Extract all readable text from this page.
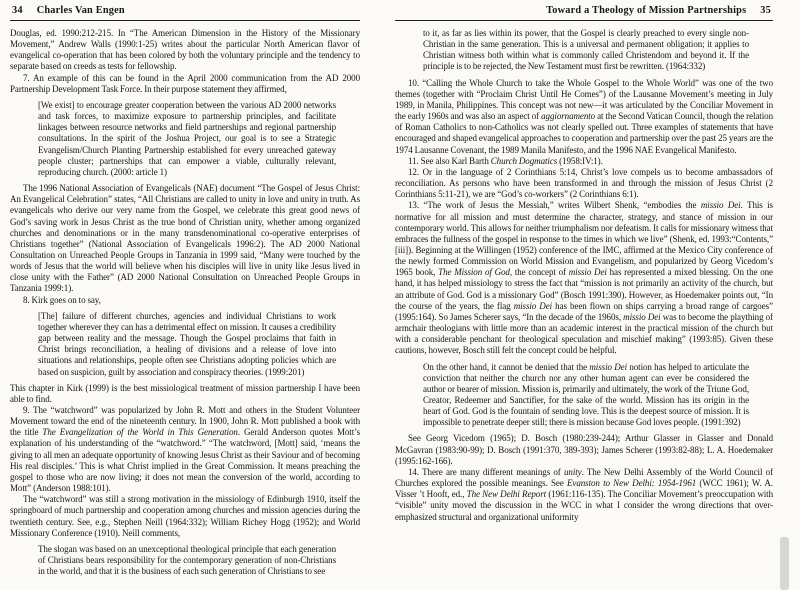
34 Charles Van Engen

Douglas, ed. 1990:212-215. In “The American Dimension in the History of the Missionary Movement,” Andrew Walls (1990:1-25) writes about the particular North American flavor of evangelical co-operation that has been colored by both the voluntary principle and the tendency to separate based on creeds as tests for fellowship.

7. An example of this can be found in the April 2000 communication from the AD 2000 Partnership Development Task Force. In their purpose statement they affirmed,

[We exist] to encourage greater cooperation between the various AD 2000 networks and task forces, to maximize exposure to partnership principles, and facilitate linkages between resource networks and field partnerships and regional partnership consultations. In the spirit of the Joshua Project, our goal is to see a Strategic Evangelism/Church Planting Partnership established for every unreached gateway people cluster; partnerships that can empower a viable, culturally relevant, reproducing church. (2000: article 1)

The 1996 National Association of Evangelicals (NAE) document “The Gospel of Jesus Christ: An Evangelical Celebration” states, “All Christians are called to unity in love and unity in truth. As evangelicals who derive our very name from the Gospel, we celebrate this great good news of God’s saving work in Jesus Christ as the true bond of Christian unity, whether among organized churches and denominations or in the many transdenominational co-operative enterprises of Christians together” (National Association of Evangelicals 1996:2). The AD 2000 National Consultation on Unreached People Groups in Tanzania in 1999 said, “Many were touched by the words of Jesus that the world will believe when his disciples will live in unity like Jesus lived in close unity with the Father” (AD 2000 National Consultation on Unreached People Groups in Tanzania 1999:1).

8. Kirk goes on to say,

[The] failure of different churches, agencies and individual Christians to work together wherever they can has a detrimental effect on mission. It causes a credibility gap between reality and the message. Though the Gospel proclaims that faith in Christ brings reconciliation, a healing of divisions and a release of love into situations and relationships, people often see Christians adopting policies which are based on suspicion, guilt by association and conspiracy theories. (1999:201)

This chapter in Kirk (1999) is the best missiological treatment of mission partnership I have been able to find.

9. The “watchword” was popularized by John R. Mott and others in the Student Volunteer Movement toward the end of the nineteenth century. In 1900, John R. Mott published a book with the title The Evangelization of the World in This Generation. Gerald Anderson quotes Mott’s explanation of his understanding of the “watchword.” “The watchword, [Mott] said, ‘means the giving to all men an adequate opportunity of knowing Jesus Christ as their Saviour and of becoming His real disciples.’ This is what Christ implied in the Great Commission. It means preaching the gospel to those who are now living; it does not mean the conversion of the world, according to Mott” (Anderson 1988:101).

The “watchword” was still a strong motivation in the missiology of Edinburgh 1910, itself the springboard of much partnership and cooperation among churches and mission agencies during the twentieth century. See, e.g., Stephen Neill (1964:332); William Richey Hogg (1952); and World Missionary Conference (1910). Neill comments,

The slogan was based on an unexceptional theological principle that each generation of Christians bears responsibility for the contemporary generation of non-Christians in the world, and that it is the business of each such generation of Christians to see

Toward a Theology of Mission Partnerships 35

to it, as far as lies within its power, that the Gospel is clearly preached to every single non-Christian in the same generation. This is a universal and permanent obligation; it applies to Christian witness both within what is commonly called Christendom and beyond it. If the principle is to be rejected, the New Testament must first be rewritten. (1964:332)

10. “Calling the Whole Church to take the Whole Gospel to the Whole World” was one of the two themes (together with “Proclaim Christ Until He Comes”) of the Lausanne Movement’s meeting in July 1989, in Manila, Philippines. This concept was not new—it was articulated by the Conciliar Movement in the early 1960s and was also an aspect of aggiornamento at the Second Vatican Council, though the relation of Roman Catholics to non-Catholics was not clearly spelled out. Three examples of statements that have encouraged and shaped evangelical approaches to cooperation and partnership over the past 25 years are the 1974 Lausanne Covenant, the 1989 Manila Manifesto, and the 1996 NAE Evangelical Manifesto.

11. See also Karl Barth Church Dogmatics (1958:IV:1).

12. Or in the language of 2 Corinthians 5:14, Christ’s love compels us to become ambassadors of reconciliation. As persons who have been transformed in and through the mission of Jesus Christ (2 Corinthians 5:11-21), we are “God’s co-workers” (2 Corinthians 6:1).

13. “The work of Jesus the Messiah,” writes Wilbert Shenk, “embodies the missio Dei. This is normative for all mission and must determine the character, strategy, and stance of mission in our contemporary world. This allows for neither triumphalism nor defeatism. It calls for missionary witness that embraces the fullness of the gospel in response to the times in which we live” (Shenk, ed. 1993:“Contents,” [iii]). Beginning at the Willingen (1952) conference of the IMC, affirmed at the Mexico City conference of the newly formed Commission on World Mission and Evangelism, and popularized by Georg Vicedom’s 1965 book, The Mission of God, the concept of missio Dei has represented a mixed blessing. On the one hand, it has helped missiology to stress the fact that “mission is not primarily an activity of the church, but an attribute of God. God is a missionary God” (Bosch 1991:390). However, as Hoedemaker points out, “In the course of the years, the flag missio Dei has been flown on ships carrying a broad range of cargoes” (1995:164). So James Scherer says, “In the decade of the 1960s, missio Dei was to become the plaything of armchair theologians with little more than an academic interest in the practical mission of the church but with a considerable penchant for theological speculation and mischief making” (1993:85). Given these cautions, however, Bosch still felt the concept could be helpful.

On the other hand, it cannot be denied that the missio Dei notion has helped to articulate the conviction that neither the church nor any other human agent can ever be considered the author or bearer of mission. Mission is, primarily and ultimately, the work of the Triune God, Creator, Redeemer and Sanctifier, for the sake of the world. Mission has its origin in the heart of God. God is the fountain of sending love. This is the deepest source of mission. It is impossible to penetrate deeper still; there is mission because God loves people. (1991:392)

See Georg Vicedom (1965); D. Bosch (1980:239-244); Arthur Glasser in Glasser and Donald McGavran (1983:90-99); D. Bosch (1991:370, 389-393); James Scherer (1993:82-88); L. A. Hoedemaker (1995:162-166).

14. There are many different meanings of unity. The New Delhi Assembly of the World Council of Churches explored the possible meanings. See Evanston to New Delhi: 1954-1961 (WCC 1961); W. A. Visser ’t Hooft, ed., The New Delhi Report (1961:116-135). The Conciliar Movement’s preoccupation with “visible” unity moved the discussion in the WCC in what I consider the wrong directions that over-emphasized structural and organizational uniformity
